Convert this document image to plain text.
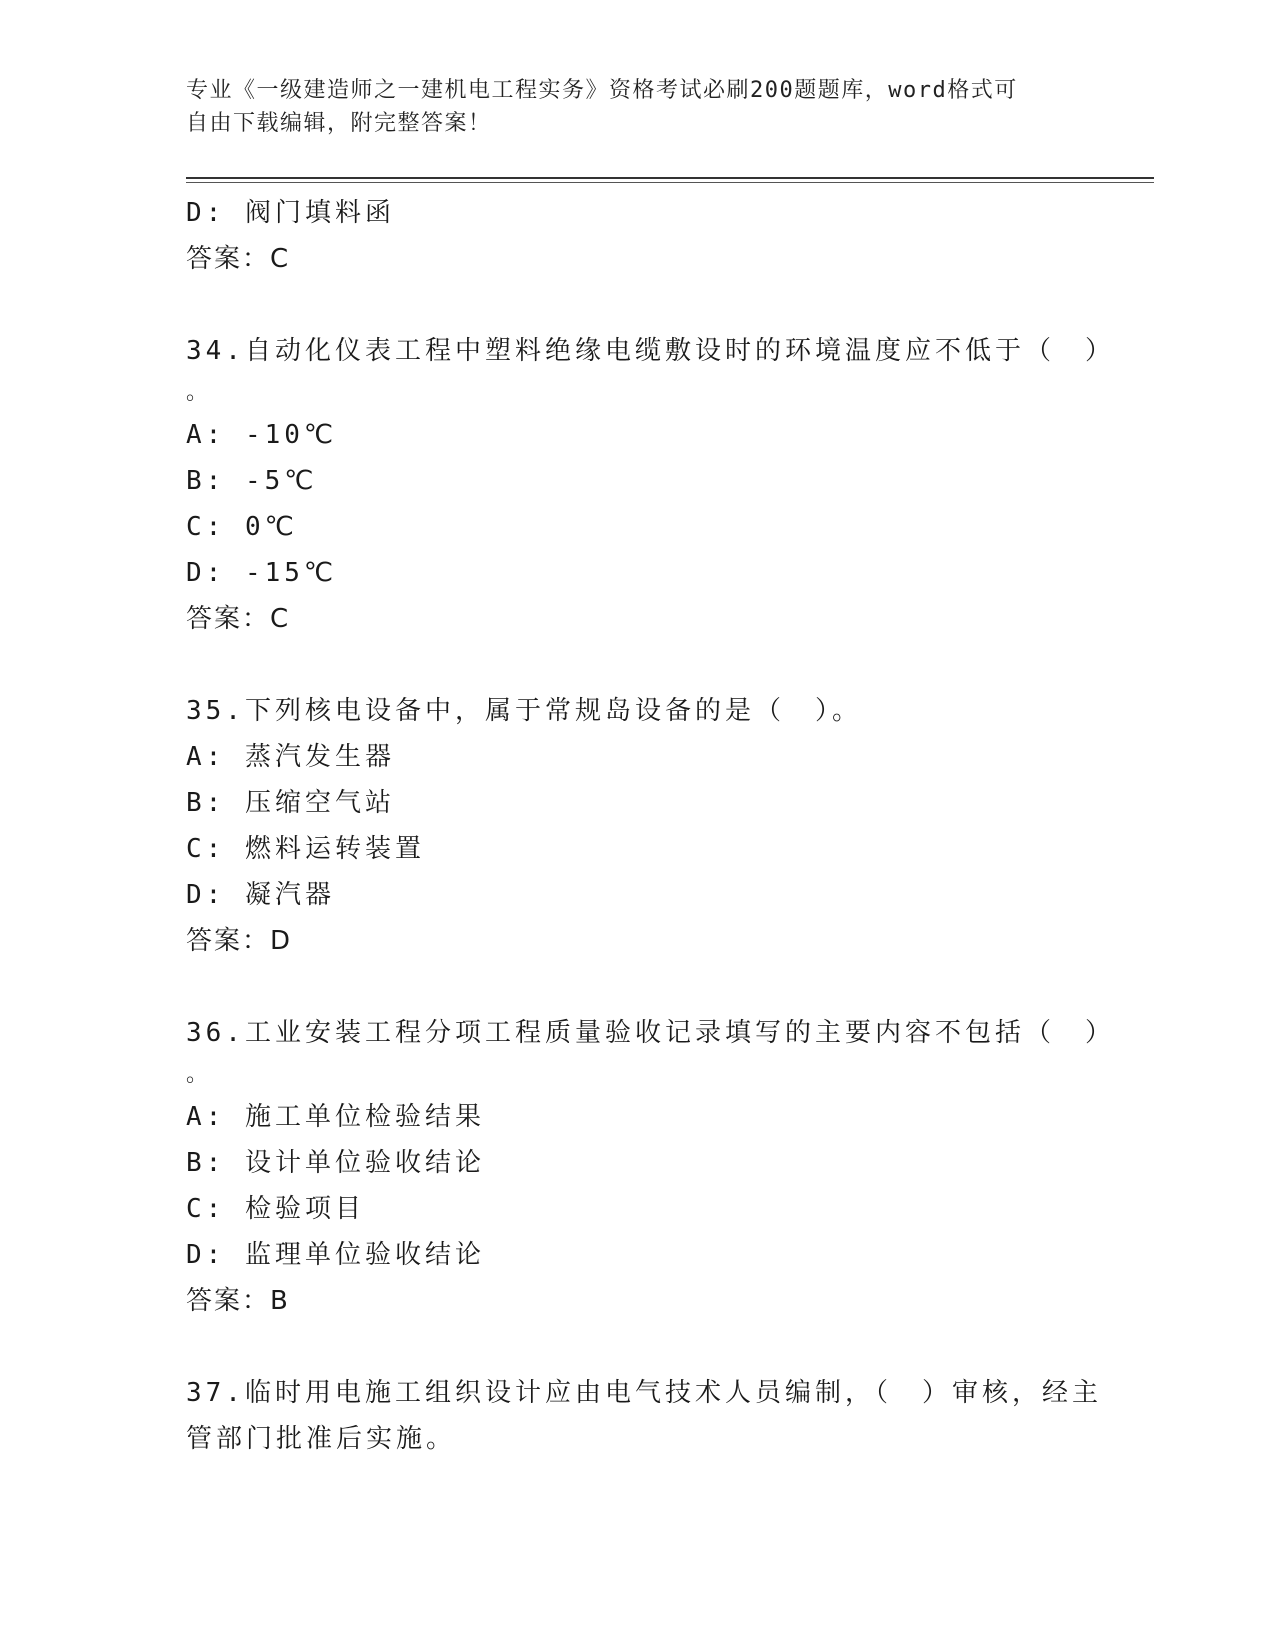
专业《一级建造师之一建机电工程实务》资格考试必刷200题题库，word格式可
自由下载编辑，附完整答案！
D: 阀门填料函
答案：C
34.自动化仪表工程中塑料绝缘电缆敷设时的环境温度应不低于（　）
。
A: -10℃
B: -5℃
C: 0℃
D: -15℃
答案：C
35.下列核电设备中，属于常规岛设备的是（　）。
A: 蒸汽发生器
B: 压缩空气站
C: 燃料运转装置
D: 凝汽器
答案：D
36.工业安装工程分项工程质量验收记录填写的主要内容不包括（　）
。
A: 施工单位检验结果
B: 设计单位验收结论
C: 检验项目
D: 监理单位验收结论
答案：B
37.临时用电施工组织设计应由电气技术人员编制，（　）审核，经主
管部门批准后实施。
